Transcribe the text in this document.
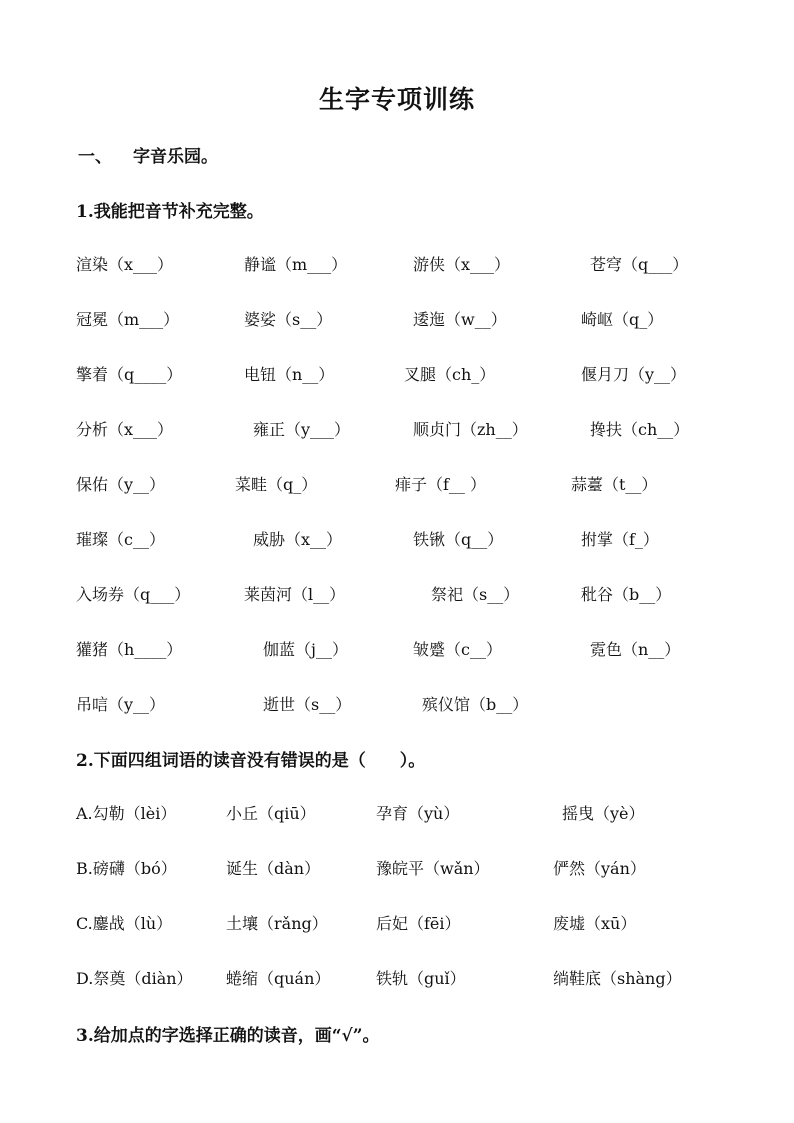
生字专项训练
一、 字音乐园。
1.我能把音节补充完整。
渲染（x___）	静谧（m___）	游侠（x___）	苍穹（q___）
冠冕（m___）	婆娑（s__）	逶迤（w__）	崎岖（q_）
擎着（q____）	电钮（n__）	叉腿（ch_）	偃月刀（y__）
分析（x___）	雍正（y___）	顺贞门（zh__）	搀扶（ch__）
保佑（y__）	菜畦（q_）	痱子（f__ ）	蒜薹（t__）
璀璨（c__）	威胁（x__）	铁锹（q__）	拊掌（f_）
入场券（q___）	莱茵河（l__）	祭祀（s__）	秕谷（b__）
獾猪（h____）	伽蓝（j__）	皱蹙（c__）	霓色（n__）
吊唁（y__）	逝世（s__）	殡仪馆（b__）
2.下面四组词语的读音没有错误的是（　　）。
A.勾勒（lèi）	小丘（qiū）	孕育（yù）	摇曳（yè）
B.磅礴（bó）	诞生（dàn）	豫皖平（wǎn）	俨然（yán）
C.鏖战（lù）	土壤（rǎng）	后妃（fēi）	废墟（xū）
D.祭奠（diàn） 蜷缩（quán）	铁轨（guǐ）	绱鞋底（shàng）
3.给加点的字选择正确的读音，画“√”。
